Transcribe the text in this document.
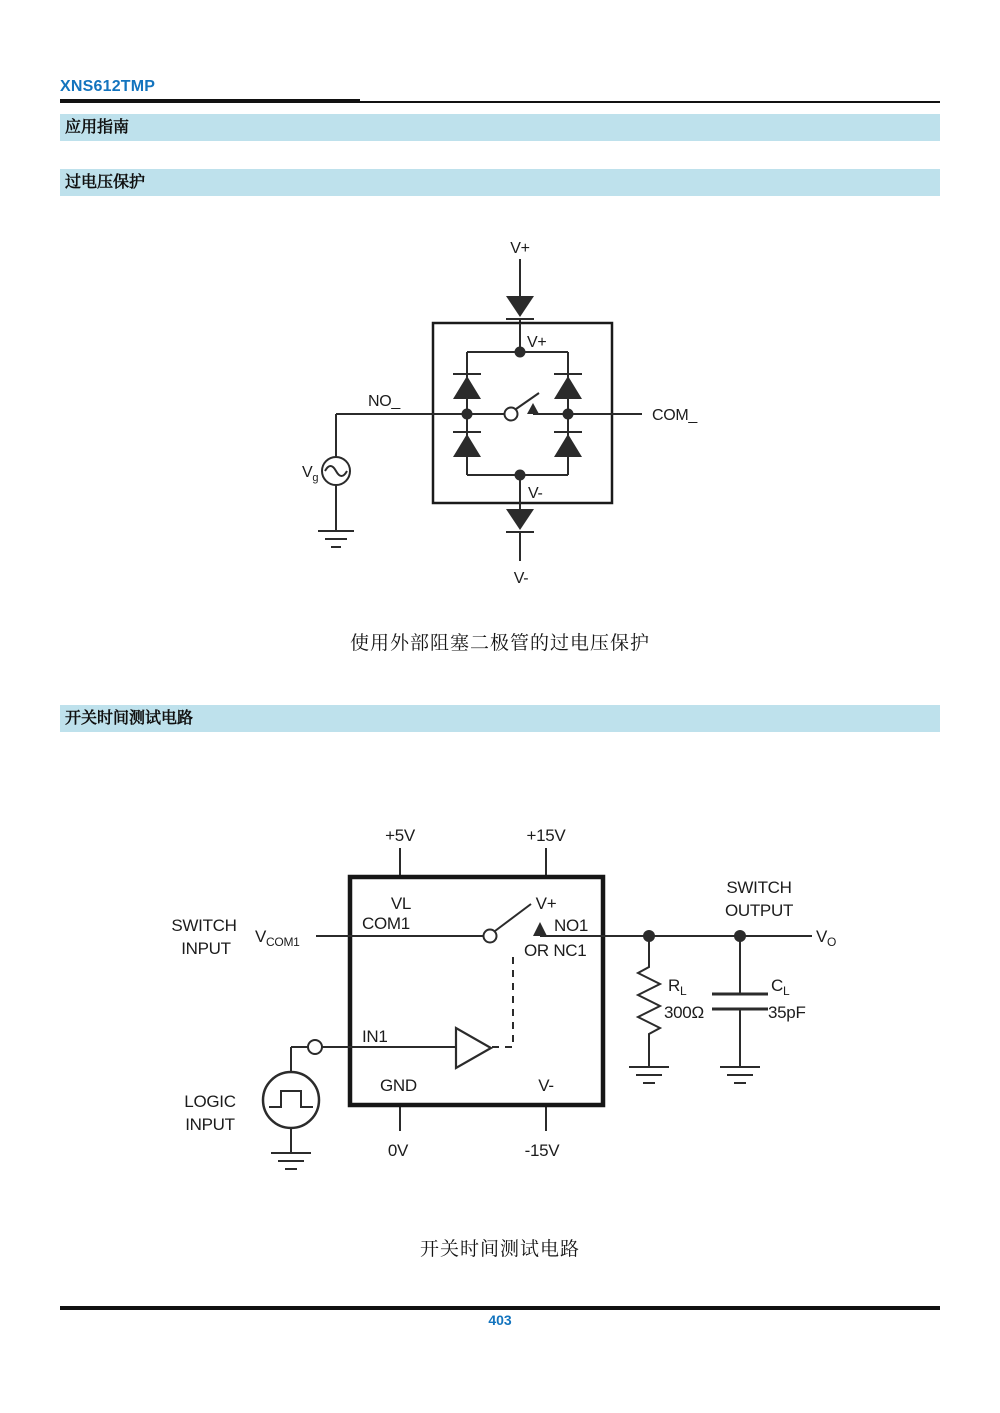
XNS612TMP
应用指南
过电压保护
V+
V-
V+
V-
NO_
COM_
$V_g$
使用外部阻塞二极管的过电压保护
开关时间测试电路
+5V	+15V
VL	V+
COM1
IN1
GND	V-
0V	-15V
SWITCH
INPUT
$V_{COM1}$
NO1
OR NC1
LOGIC
INPUT
$R_L$
300Ω
$C_L$
35pF
SWITCH
OUTPUT
$V_O$
开关时间测试电路
403
